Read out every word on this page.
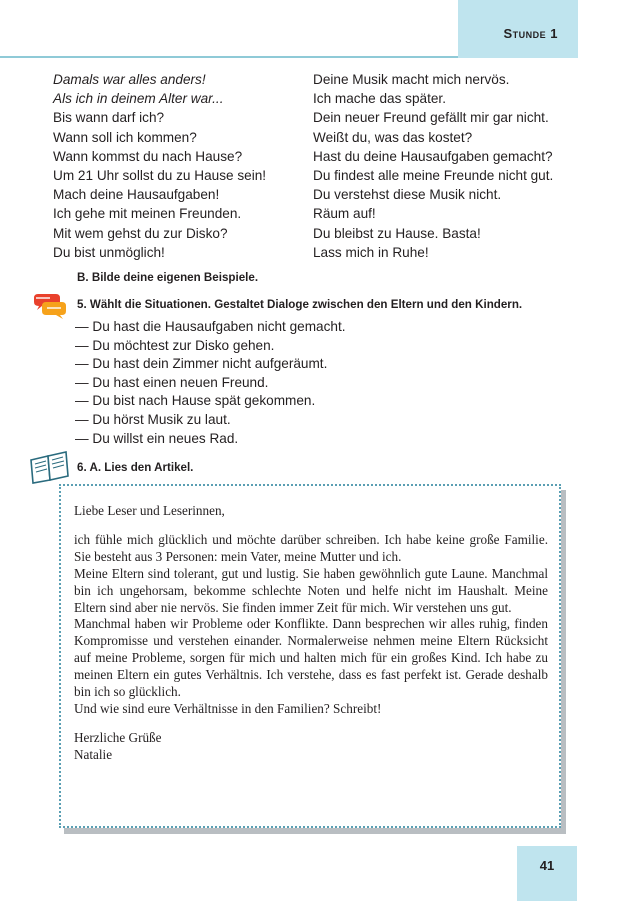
Stunde 1
Damals war alles anders!
Als ich in deinem Alter war...
Bis wann darf ich?
Wann soll ich kommen?
Wann kommst du nach Hause?
Um 21 Uhr sollst du zu Hause sein!
Mach deine Hausaufgaben!
Ich gehe mit meinen Freunden.
Mit wem gehst du zur Disko?
Du bist unmöglich!
Deine Musik macht mich nervös.
Ich mache das später.
Dein neuer Freund gefällt mir gar nicht.
Weißt du, was das kostet?
Hast du deine Hausaufgaben gemacht?
Du findest alle meine Freunde nicht gut.
Du verstehst diese Musik nicht.
Räum auf!
Du bleibst zu Hause. Basta!
Lass mich in Ruhe!
B. Bilde deine eigenen Beispiele.
5. Wählt die Situationen. Gestaltet Dialoge zwischen den Eltern und den Kindern.
— Du hast die Hausaufgaben nicht gemacht.
— Du möchtest zur Disko gehen.
— Du hast dein Zimmer nicht aufgeräumt.
— Du hast einen neuen Freund.
— Du bist nach Hause spät gekommen.
— Du hörst Musik zu laut.
— Du willst ein neues Rad.
6. A. Lies den Artikel.

Liebe Leser und Leserinnen,

ich fühle mich glücklich und möchte darüber schreiben. Ich habe keine große Familie. Sie besteht aus 3 Personen: mein Vater, meine Mutter und ich.

Meine Eltern sind tolerant, gut und lustig. Sie haben gewöhnlich gute Laune. Manchmal bin ich ungehorsam, bekomme schlechte Noten und helfe nicht im Haushalt. Meine Eltern sind aber nie nervös. Sie finden immer Zeit für mich. Wir verstehen uns gut.

Manchmal haben wir Probleme oder Konflikte. Dann besprechen wir alles ruhig, finden Kompromisse und verstehen einander. Normalerweise nehmen meine Eltern Rücksicht auf meine Probleme, sorgen für mich und halten mich für ein großes Kind. Ich habe zu meinen Eltern ein gutes Verhältnis. Ich verstehe, dass es fast perfekt ist. Gerade deshalb bin ich so glücklich.

Und wie sind eure Verhältnisse in den Familien? Schreibt!

Herzliche Grüße

Natalie

41
